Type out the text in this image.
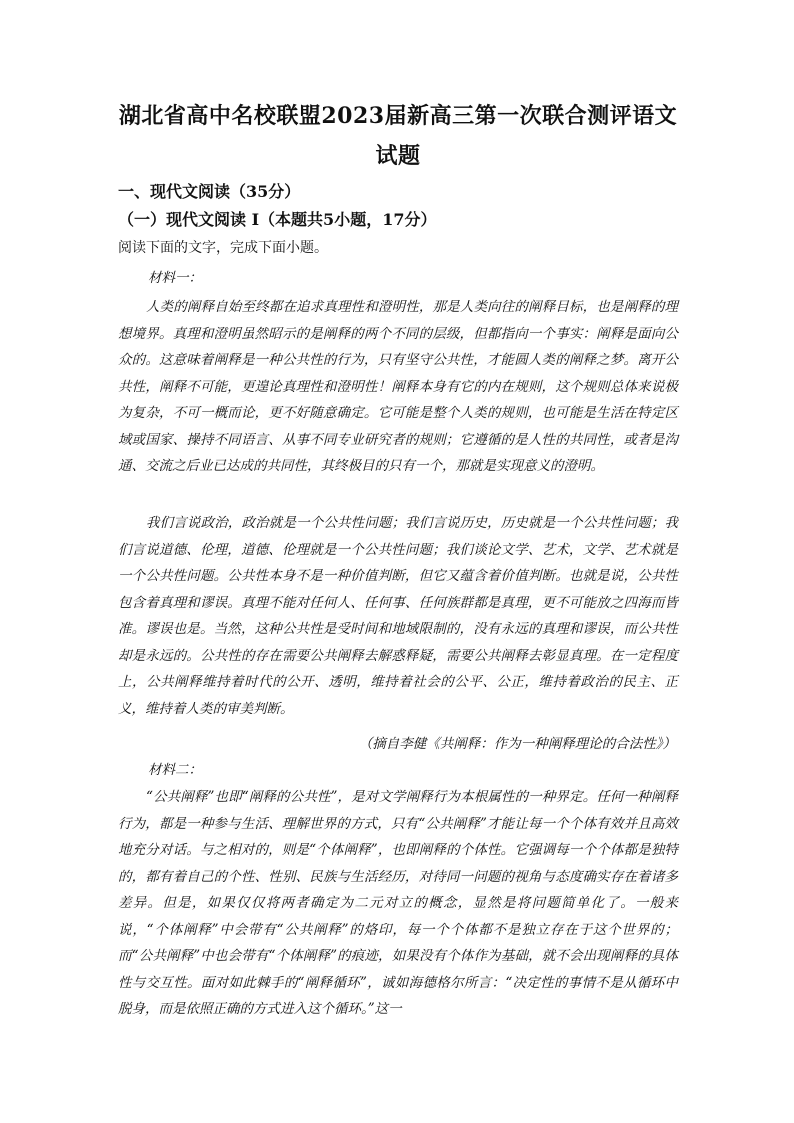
湖北省高中名校联盟2023届新高三第一次联合测评语文试题
一、现代文阅读（35分）
（一）现代文阅读 I（本题共5小题，17分）
阅读下面的文字，完成下面小题。
材料一：
人类的阐释自始至终都在追求真理性和澄明性，那是人类向往的阐释目标，也是阐释的理想境界。真理和澄明虽然昭示的是阐释的两个不同的层级，但都指向一个事实：阐释是面向公众的。这意味着阐释是一种公共性的行为，只有坚守公共性，才能圆人类的阐释之梦。离开公共性，阐释不可能，更遑论真理性和澄明性！阐释本身有它的内在规则，这个规则总体来说极为复杂，不可一概而论，更不好随意确定。它可能是整个人类的规则，也可能是生活在特定区域或国家、操持不同语言、从事不同专业研究者的规则；它遵循的是人性的共同性，或者是沟通、交流之后业已达成的共同性，其终极目的只有一个，那就是实现意义的澄明。
我们言说政治，政治就是一个公共性问题；我们言说历史，历史就是一个公共性问题；我们言说道德、伦理，道德、伦理就是一个公共性问题；我们谈论文学、艺术，文学、艺术就是一个公共性问题。公共性本身不是一种价值判断，但它又蕴含着价值判断。也就是说，公共性包含着真理和谬误。真理不能对任何人、任何事、任何族群都是真理，更不可能放之四海而皆准。谬误也是。当然，这种公共性是受时间和地域限制的，没有永远的真理和谬误，而公共性却是永远的。公共性的存在需要公共阐释去解惑释疑，需要公共阐释去彰显真理。在一定程度上，公共阐释维持着时代的公开、透明，维持着社会的公平、公正，维持着政治的民主、正义，维持着人类的审美判断。
（摘自李健《共阐释：作为一种阐释理论的合法性》）
材料二：
“公共阐释”也即“阐释的公共性”，是对文学阐释行为本根属性的一种界定。任何一种阐释行为，都是一种参与生活、理解世界的方式，只有“公共阐释”才能让每一个个体有效并且高效地充分对话。与之相对的，则是“个体阐释”，也即阐释的个体性。它强调每一个个体都是独特的，都有着自己的个性、性别、民族与生活经历，对待同一问题的视角与态度确实存在着诸多差异。但是，如果仅仅将两者确定为二元对立的概念，显然是将问题简单化了。一般来说，“个体阐释”中会带有“公共阐释”的烙印，每一个个体都不是独立存在于这个世界的；而“公共阐释”中也会带有“个体阐释”的痕迹，如果没有个体作为基础，就不会出现阐释的具体性与交互性。面对如此棘手的“阐释循环”，诚如海德格尔所言：“决定性的事情不是从循环中脱身，而是依照正确的方式进入这个循环。”这一
